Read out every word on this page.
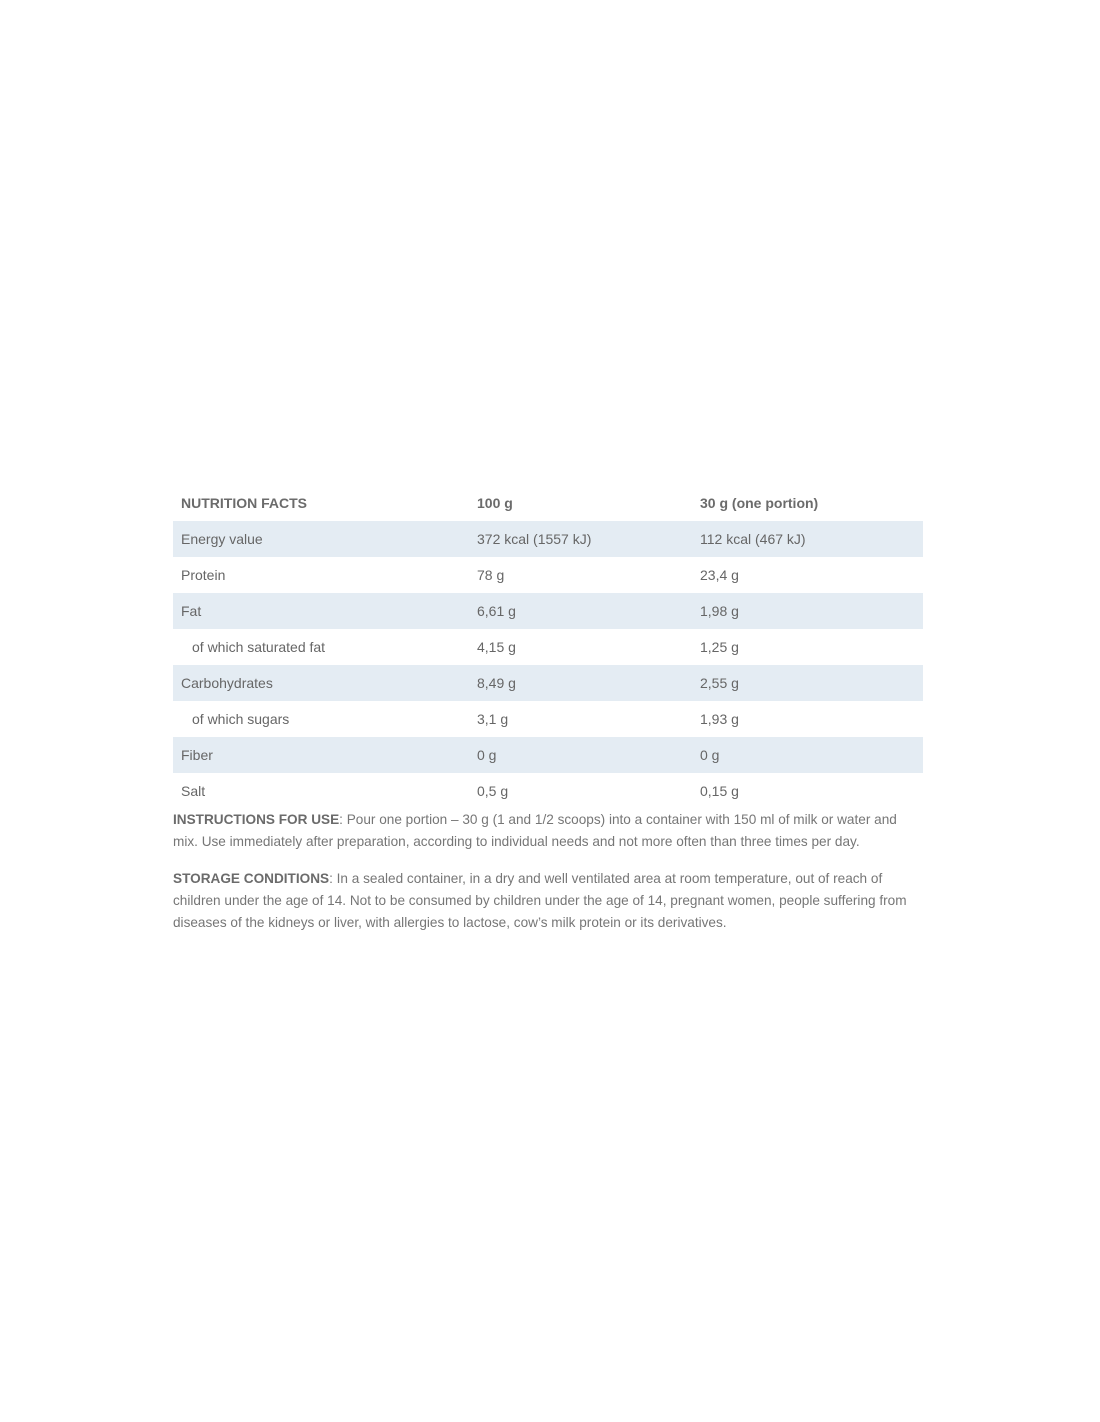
NUTRITION FACTS	100 g	30 g (one portion)
Energy value	372 kcal (1557 kJ)	112 kcal (467 kJ)
Protein	78 g	23,4 g
Fat	6,61 g	1,98 g
of which saturated fat	4,15 g	1,25 g
Carbohydrates	8,49 g	2,55 g
of which sugars	3,1 g	1,93 g
Fiber	0 g	0 g
Salt	0,5 g	0,15 g

INSTRUCTIONS FOR USE: Pour one portion – 30 g (1 and 1/2 scoops) into a container with 150 ml of milk or water and mix. Use immediately after preparation, according to individual needs and not more often than three times per day.

STORAGE CONDITIONS: In a sealed container, in a dry and well ventilated area at room temperature, out of reach of children under the age of 14. Not to be consumed by children under the age of 14, pregnant women, people suffering from diseases of the kidneys or liver, with allergies to lactose, cow’s milk protein or its derivatives.
